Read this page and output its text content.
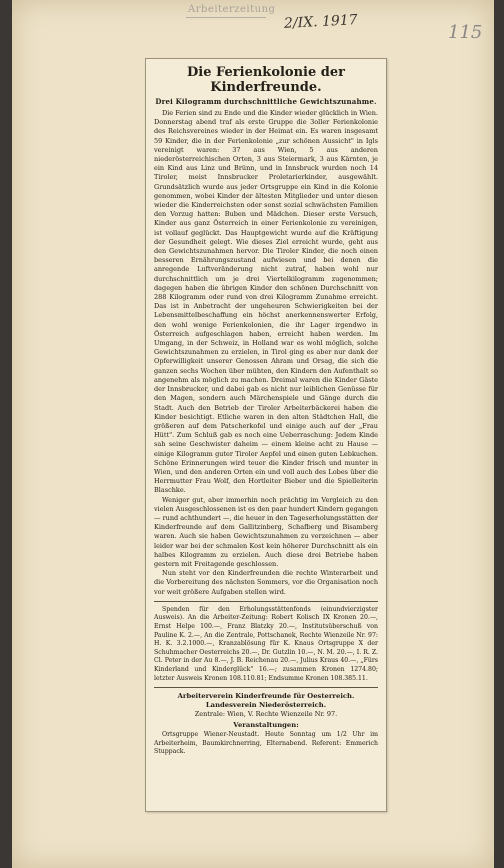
Arbeiterzeitung
2/IX. 1917	115
Die Ferienkolonie der Kinderfreunde.
Drei Kilogramm durchschnittliche Gewichtszunahme.

Die Ferien sind zu Ende und die Kinder wieder glücklich in Wien. Donnerstag abend traf als erste Gruppe die 3oller Ferienkolonie des Reichsvereines wieder in der Heimat ein. Es waren insgesamt 59 Kinder, die in der Ferienkolonie „zur schönen Aussicht" in Igls vereinigt waren: 37 aus Wien, 5 aus anderen niederösterreichischen Orten, 3 aus Steiermark, 3 aus Kärnten, je ein Kind aus Linz und Brünn, und in Innsbruck wurden noch 14 Tiroler, meist Innsbrucker Proletarierkinder, ausgewählt. Grundsätzlich wurde aus jeder Ortsgruppe ein Kind in die Kolonie genommen, wobei Kinder der ältesten Mitglieder und unter diesen wieder die Kinderreichsten oder sonst sozial schwächsten Familien den Vorzug hatten: Buben und Mädchen. Dieser erste Versuch, Kinder aus ganz Österreich in einer Ferienkolonie zu vereinigen, ist vollauf geglückt. Das Hauptgewicht wurde auf die Kräftigung der Gesundheit gelegt. Wie dieses Ziel erreicht wurde, geht aus den Gewichtszunahmen hervor. Die Tiroler Kinder, die noch einen besseren Ernährungszustand aufwiesen und bei denen die anregende Luftveränderung nicht zutraf, haben wohl nur durchschnittlich um je drei Viertelkilogramm zugenommen; dagegen haben die übrigen Kinder den schönen Durchschnitt von 288 Kilogramm oder rund von drei Kilogramm Zunahme erreicht. Das ist in Anbetracht der ungeheuren Schwierigkeiten bei der Lebensmittelbeschaffung ein höchst anerkennenswerter Erfolg, den wohl wenige Ferienkolonien, die ihr Lager irgendwo in Österreich aufgeschlagen haben, erreicht haben werden. Im Umgang, in der Schweiz, in Holland war es wohl möglich, solche Gewichtszunahmen zu erzielen, in Tirol ging es aber nur dank der Opferwilligkeit unserer Genossen Ahram und Orsag, die sich die ganzen sechs Wochen über mühten, den Kindern den Aufenthalt so angenehm als möglich zu machen. Dreimal waren die Kinder Gäste der Innsbrucker, und dabei gab es nicht nur leiblichen Genüsse für den Magen, sondern auch Märchenspiele und Gänge durch die Stadt. Auch den Betrieb der Tiroler Arbeiterbäckerei haben die Kinder besichtigt. Etliche waren in den alten Städtchen Hall, die größeren auf dem Patscherkofel und einige auch auf der „Frau Hütt". Zum Schluß gab es noch eine Ueberraschung: Jedem Kinde sah seine Geschwister daheim — einem kleine acht zu Hause — einige Kilogramm guter Tiroler Aepfel und einen guten Lebkuchen. Schöne Erinnerungen wird teuer die Kinder frisch und munter in Wien, und den anderen Orten ein und voll auch des Lobes über die Herrmutter Frau Wolf, den Hortleiter Bieber und die Spielleiterin Blaschke.

Weniger gut, aber immerhin noch prächtig im Vergleich zu den vielen Ausgeschlossenen ist es den paar hundert Kindern gegangen — rund achthundert —, die heuer in den Tageserholungsstätten der Kinderfreunde auf dem Gallitzinberg, Schafberg und Bisamberg waren. Auch sie haben Gewichtszunahmen zu verzeichnen — aber leider war bei der schmalen Kost kein höherer Durchschnitt als ein halbes Kilogramm zu erzielen. Auch diese drei Betriebe haben gestern mit Freitagende geschlossen.

Nun steht vor den Kinderfreunden die rechte Winterarbeit und die Vorbereitung des nächsten Sommers, vor die Organisation noch vor weit größere Aufgaben stellen wird.

Spenden für den Erholungsstättenfonds (einundvierzigster Ausweis). An die Arbeiter-Zeitung: Robert Kolisch IX Kronen 20.—, Ernst Helpe 100.—, Franz Blatzky 20.—, Institutsüberschuß von Pauline K. 2.—, An die Zentrale, Pottschanek, Rechte Wienzeile Nr. 97: H. K. 3.2.1000.—, Kranzablösung für K. Knaus Ortsgruppe X der Schuhmacher Oesterreichs 20.—, Dr. Gutzlin 10.—, N. M. 20.—, I. R. Z. Cl. Peter in der Au 8.—, J. B. Reichenau 20.—, Julius Kraus 40.—, „Fürs Kinderland und Kinderglück" 16.—; zusammen Kronen 1274.80; letzter Ausweis Kronen 108.110.81; Endsumme Kronen 108.385.11.

Arbeiterverein Kinderfreunde für Oesterreich.
Landesverein Niederösterreich.
Zentrale: Wien, V. Rechte Wienzeile Nr. 97.
Veranstaltungen:

Ortsgruppe Wiener-Neustadt. Heute Sonntag um 1/2 Uhr im Arbeiterheim, Baumkirchnerring, Elternabend. Referent: Emmerich Stuppack.
